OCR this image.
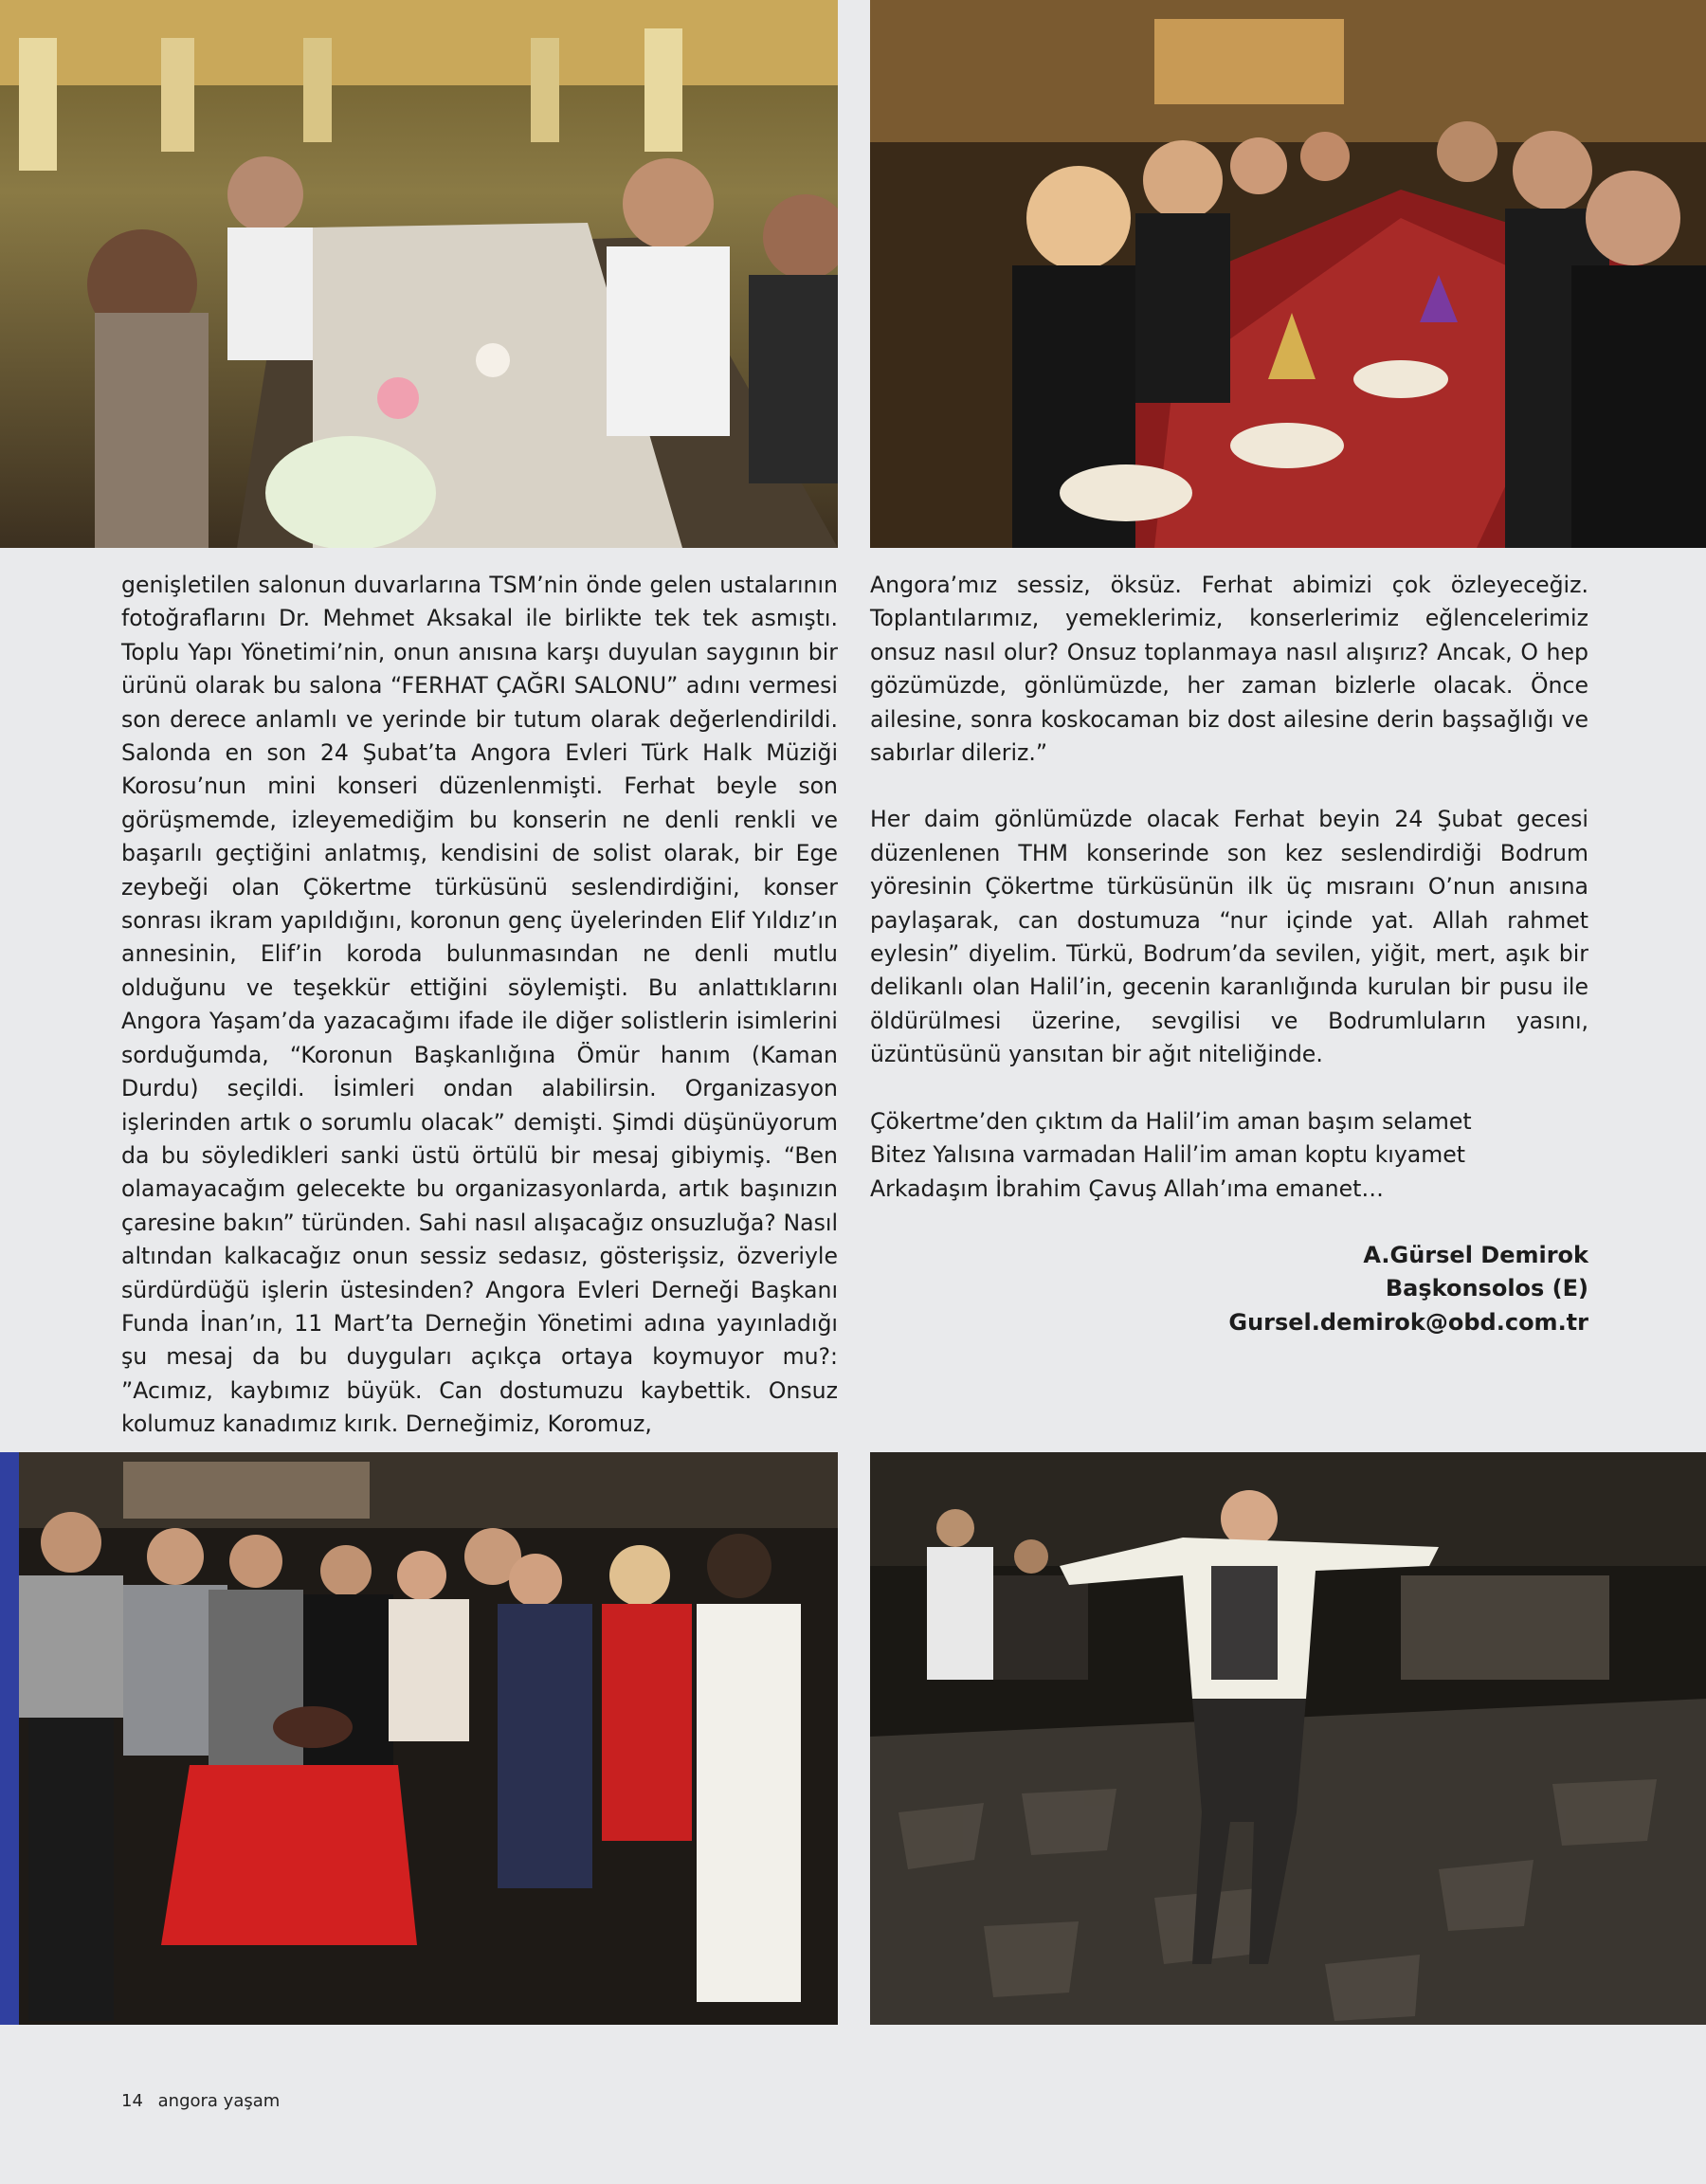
genişletilen salonun duvarlarına TSM’nin önde gelen ustalarının fotoğraflarını Dr. Mehmet Aksakal ile birlikte tek tek asmıştı. Toplu Yapı Yönetimi’nin, onun anısına karşı duyulan saygının bir ürünü olarak bu salona “FERHAT ÇAĞRI SALONU” adını vermesi son derece anlamlı ve yerinde bir tutum olarak değerlendirildi. Salonda en son 24 Şubat’ta Angora Evleri Türk Halk Müziği Korosu’nun mini konseri düzenlenmişti. Ferhat beyle son görüşmemde, izleyemediğim bu konserin ne denli renkli ve başarılı geçtiğini anlatmış, kendisini de solist olarak, bir Ege zeybeği olan Çökertme türküsünü seslendirdiğini, konser sonrası ikram yapıldığını, koronun genç üyelerinden Elif Yıldız’ın annesinin, Elif’in koroda bulunmasından ne denli mutlu olduğunu ve teşekkür ettiğini söylemişti. Bu anlattıklarını Angora Yaşam’da yazacağımı ifade ile diğer solistlerin isimlerini sorduğumda, “Koronun Başkanlığına Ömür hanım (Kaman Durdu) seçildi. İsimleri ondan alabilirsin. Organizasyon işlerinden artık o sorumlu olacak” demişti. Şimdi düşünüyorum da bu söyledikleri sanki üstü örtülü bir mesaj gibiymiş. “Ben olamayacağım gelecekte bu organizasyonlarda, artık başınızın çaresine bakın” türünden. Sahi nasıl alışacağız onsuzluğa? Nasıl altından kalkacağız onun sessiz sedasız, gösterişsiz, özveriyle sürdürdüğü işlerin üstesinden? Angora Evleri Derneği Başkanı Funda İnan’ın, 11 Mart’ta Derneğin Yönetimi adına yayınladığı şu mesaj da bu duyguları açıkça ortaya koymuyor mu?: ”Acımız, kaybımız büyük. Can dostumuzu kaybettik. Onsuz kolumuz kanadımız kırık. Derneğimiz, Koromuz,

Angora’mız sessiz, öksüz. Ferhat abimizi çok özleyeceğiz. Toplantılarımız, yemeklerimiz, konserlerimiz eğlencelerimiz onsuz nasıl olur? Onsuz toplanmaya nasıl alışırız? Ancak, O hep gözümüzde, gönlümüzde, her zaman bizlerle olacak. Önce ailesine, sonra koskocaman biz dost ailesine derin başsağlığı ve sabırlar dileriz.”

Her daim gönlümüzde olacak Ferhat beyin 24 Şubat gecesi düzenlenen THM konserinde son kez seslendirdiği Bodrum yöresinin Çökertme türküsünün ilk üç mısraını O’nun anısına paylaşarak, can dostumuza “nur içinde yat. Allah rahmet eylesin” diyelim. Türkü, Bodrum’da sevilen, yiğit, mert, aşık bir delikanlı olan Halil’in, gecenin karanlığında kurulan bir pusu ile öldürülmesi üzerine, sevgilisi ve Bodrumluların yasını, üzüntüsünü yansıtan bir ağıt niteliğinde.

Çökertme’den çıktım da Halil’im aman başım selamet
Bitez Yalısına varmadan Halil’im aman koptu kıyamet
Arkadaşım İbrahim Çavuş Allah’ıma emanet…
A.Gürsel Demirok
Başkonsolos (E)
Gursel.demirok@obd.com.tr
14 angora yaşam
